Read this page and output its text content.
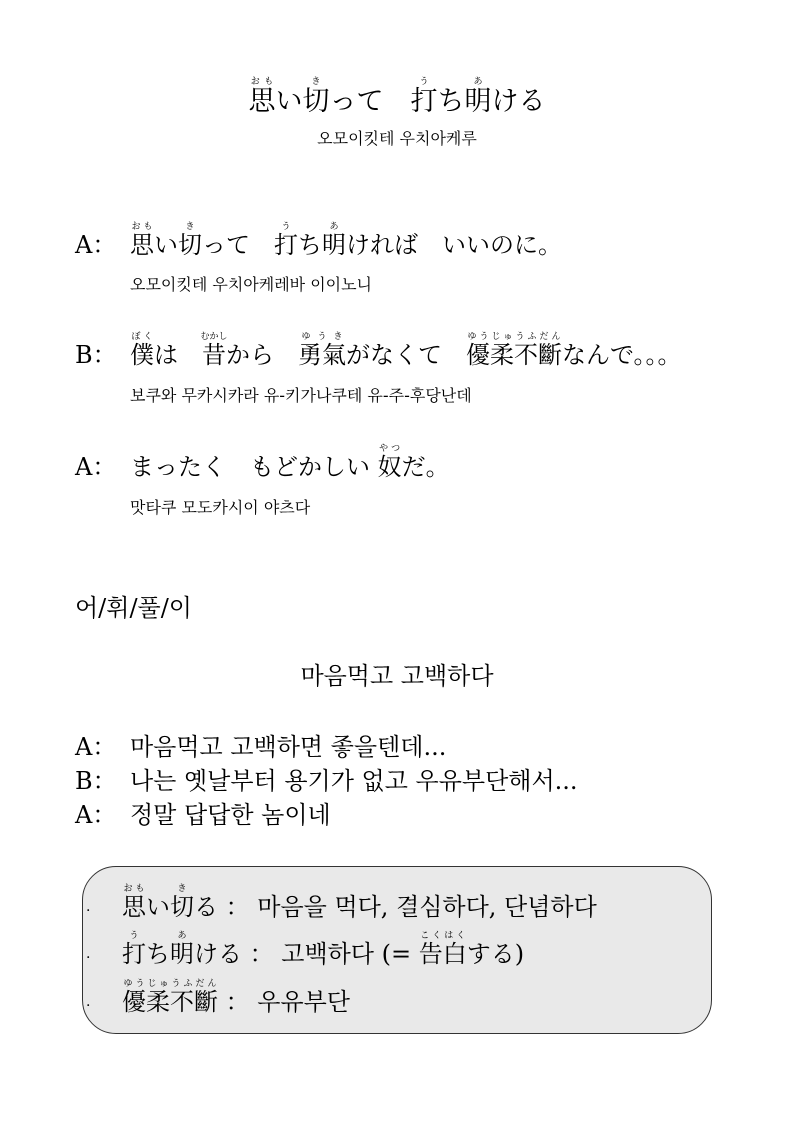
思おもい切きって　打うち明あける
오모이킷테 우치아케루
A： 思おもい切きって　打うち明あければ　いいのに。
오모이킷테 우치아케레바 이이노니
B： 僕ぼくは　昔むかしから　勇氣ゆうきがなくて　優柔不斷ゆうじゅうふだんなんで。。。
보쿠와 무카시카라 유-키가나쿠테 유-주-후당난데
A： まったく　もどかしい 奴やつだ。
맛타쿠 모도카시이 야츠다
어/휘/풀/이
마음먹고 고백하다
A： 마음먹고 고백하면 좋을텐데...
B： 나는 옛날부터 용기가 없고 우유부단해서...
A： 정말 답답한 놈이네
· 思おもい切きる ： 마음을 먹다, 결심하다, 단념하다
· 打うち明あける ： 고백하다 (= 告白こくはくする)
· 優柔不斷ゆうじゅうふだん ： 우유부단
